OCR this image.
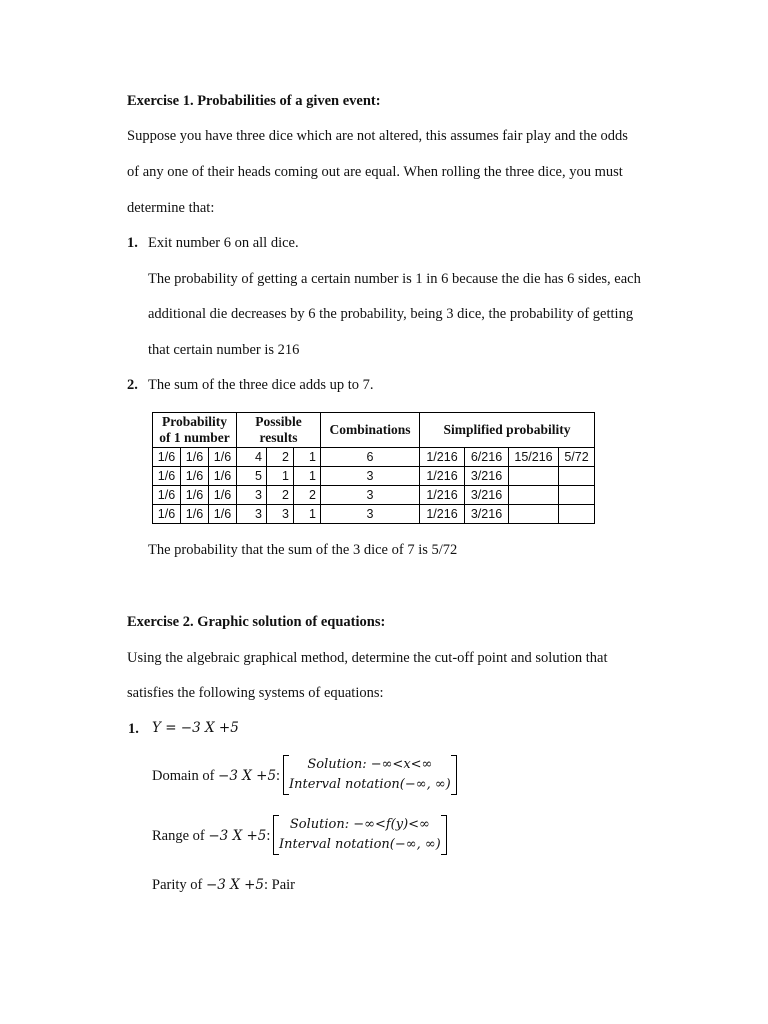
Exercise 1. Probabilities of a given event:
Suppose you have three dice which are not altered, this assumes fair play and the odds
of any one of their heads coming out are equal. When rolling the three dice, you must
determine that:
1. Exit number 6 on all dice.
The probability of getting a certain number is 1 in 6 because the die has 6 sides, each
additional die decreases by 6 the probability, being 3 dice, the probability of getting
that certain number is 216
2. The sum of the three dice adds up to 7.
Probability
of 1 number			Possible
results			Combinations	Simplified probability			
1/6	1/6	1/6	4	2	1	6	1/216	6/216	15/216	5/72
1/6	1/6	1/6	5	1	1	3	1/216	3/216		
1/6	1/6	1/6	3	2	2	3	1/216	3/216		
1/6	1/6	1/6	3	3	1	3	1/216	3/216		
The probability that the sum of the 3 dice of 7 is 5/72
Exercise 2. Graphic solution of equations:
Using the algebraic graphical method, determine the cut-off point and solution that
satisfies the following systems of equations:
1. Y = −3 X +5
Domain of −3 X +5:
Solution: −∞<x<∞
Interval notation(−∞, ∞)
Range of −3 X +5:
Solution: −∞<f(y)<∞
Interval notation(−∞, ∞)
Parity of −3 X +5: Pair
